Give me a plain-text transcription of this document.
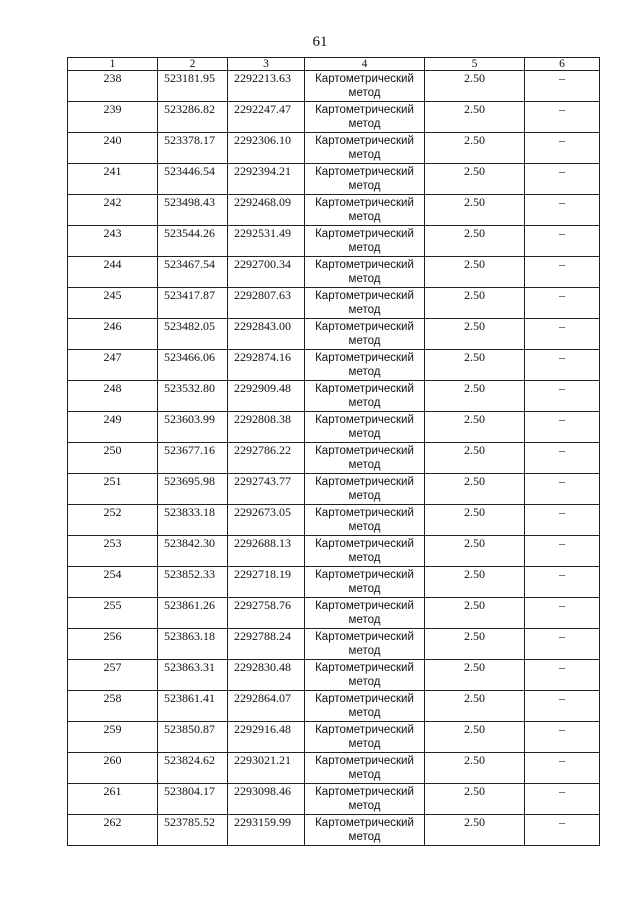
61
1	2	3	4	5	6
238	523181.95	2292213.63	Картометрический
метод	2.50	–
239	523286.82	2292247.47	Картометрический
метод	2.50	–
240	523378.17	2292306.10	Картометрический
метод	2.50	–
241	523446.54	2292394.21	Картометрический
метод	2.50	–
242	523498.43	2292468.09	Картометрический
метод	2.50	–
243	523544.26	2292531.49	Картометрический
метод	2.50	–
244	523467.54	2292700.34	Картометрический
метод	2.50	–
245	523417.87	2292807.63	Картометрический
метод	2.50	–
246	523482.05	2292843.00	Картометрический
метод	2.50	–
247	523466.06	2292874.16	Картометрический
метод	2.50	–
248	523532.80	2292909.48	Картометрический
метод	2.50	–
249	523603.99	2292808.38	Картометрический
метод	2.50	–
250	523677.16	2292786.22	Картометрический
метод	2.50	–
251	523695.98	2292743.77	Картометрический
метод	2.50	–
252	523833.18	2292673.05	Картометрический
метод	2.50	–
253	523842.30	2292688.13	Картометрический
метод	2.50	–
254	523852.33	2292718.19	Картометрический
метод	2.50	–
255	523861.26	2292758.76	Картометрический
метод	2.50	–
256	523863.18	2292788.24	Картометрический
метод	2.50	–
257	523863.31	2292830.48	Картометрический
метод	2.50	–
258	523861.41	2292864.07	Картометрический
метод	2.50	–
259	523850.87	2292916.48	Картометрический
метод	2.50	–
260	523824.62	2293021.21	Картометрический
метод	2.50	–
261	523804.17	2293098.46	Картометрический
метод	2.50	–
262	523785.52	2293159.99	Картометрический
метод	2.50	–
